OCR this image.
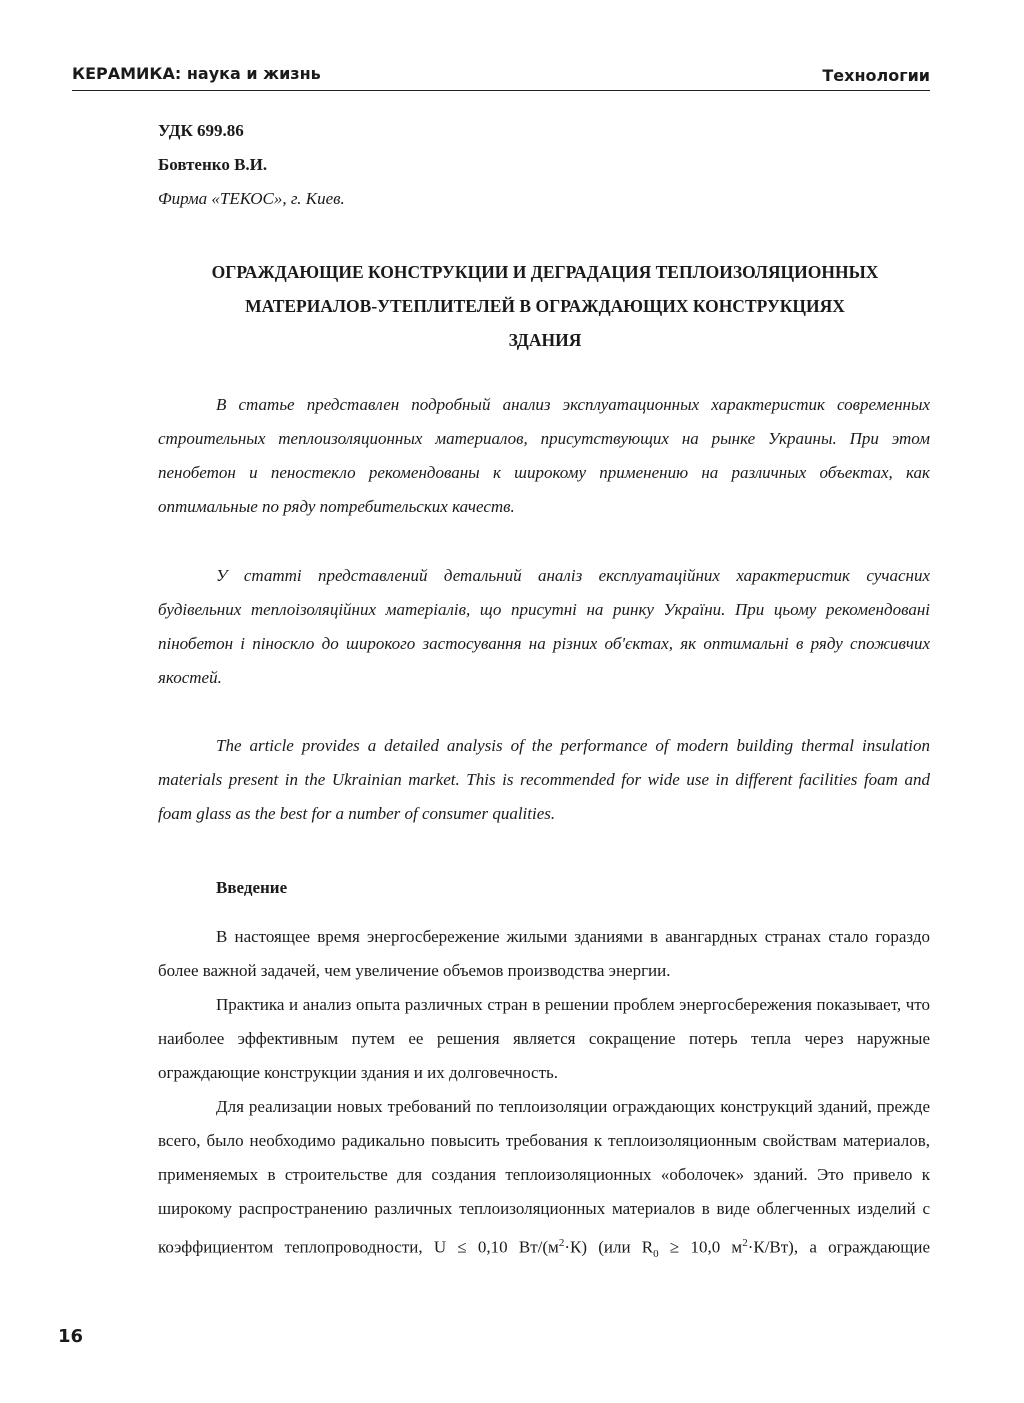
КЕРАМИКА: наука и жизнь	Технологии
УДК 699.86
Бовтенко В.И.
Фирма «ТЕКОС», г. Киев.
ОГРАЖДАЮЩИЕ КОНСТРУКЦИИ И ДЕГРАДАЦИЯ ТЕПЛОИЗОЛЯЦИОННЫХ
МАТЕРИАЛОВ-УТЕПЛИТЕЛЕЙ В ОГРАЖДАЮЩИХ КОНСТРУКЦИЯХ
ЗДАНИЯ

В статье представлен подробный анализ эксплуатационных характеристик современных строительных теплоизоляционных материалов, присутствующих на рынке Украины. При этом пенобетон и пеностекло рекомендованы к широкому применению на различных объектах, как оптимальные по ряду потребительских качеств.

У статті представлений детальний аналіз експлуатаційних характеристик сучасних будівельних теплоізоляційних матеріалів, що присутні на ринку України. При цьому рекомендовані пінобетон і піноскло до широкого застосування на різних об'єктах, як оптимальні в ряду споживчих якостей.

The article provides a detailed analysis of the performance of modern building thermal insulation materials present in the Ukrainian market. This is recommended for wide use in different facilities foam and foam glass as the best for a number of consumer qualities.

Введение

В настоящее время энергосбережение жилыми зданиями в авангардных странах стало гораздо более важной задачей, чем увеличение объемов производства энергии.

Практика и анализ опыта различных стран в решении проблем энергосбережения показывает, что наиболее эффективным путем ее решения является сокращение потерь тепла через наружные ограждающие конструкции здания и их долговечность.

Для реализации новых требований по теплоизоляции ограждающих конструкций зданий, прежде всего, было необходимо радикально повысить требования к теплоизоляционным свойствам материалов, применяемых в строительстве для создания теплоизоляционных «оболочек» зданий. Это привело к широкому распространению различных теплоизоляционных материалов в виде облегченных изделий с коэффициентом теплопроводности, U ≤ 0,10 $Вт/(м^2\cdot К)$ (или $R_0 \ge 10,0$ $м^2\cdot К/Вт$), а ограждающие

16
